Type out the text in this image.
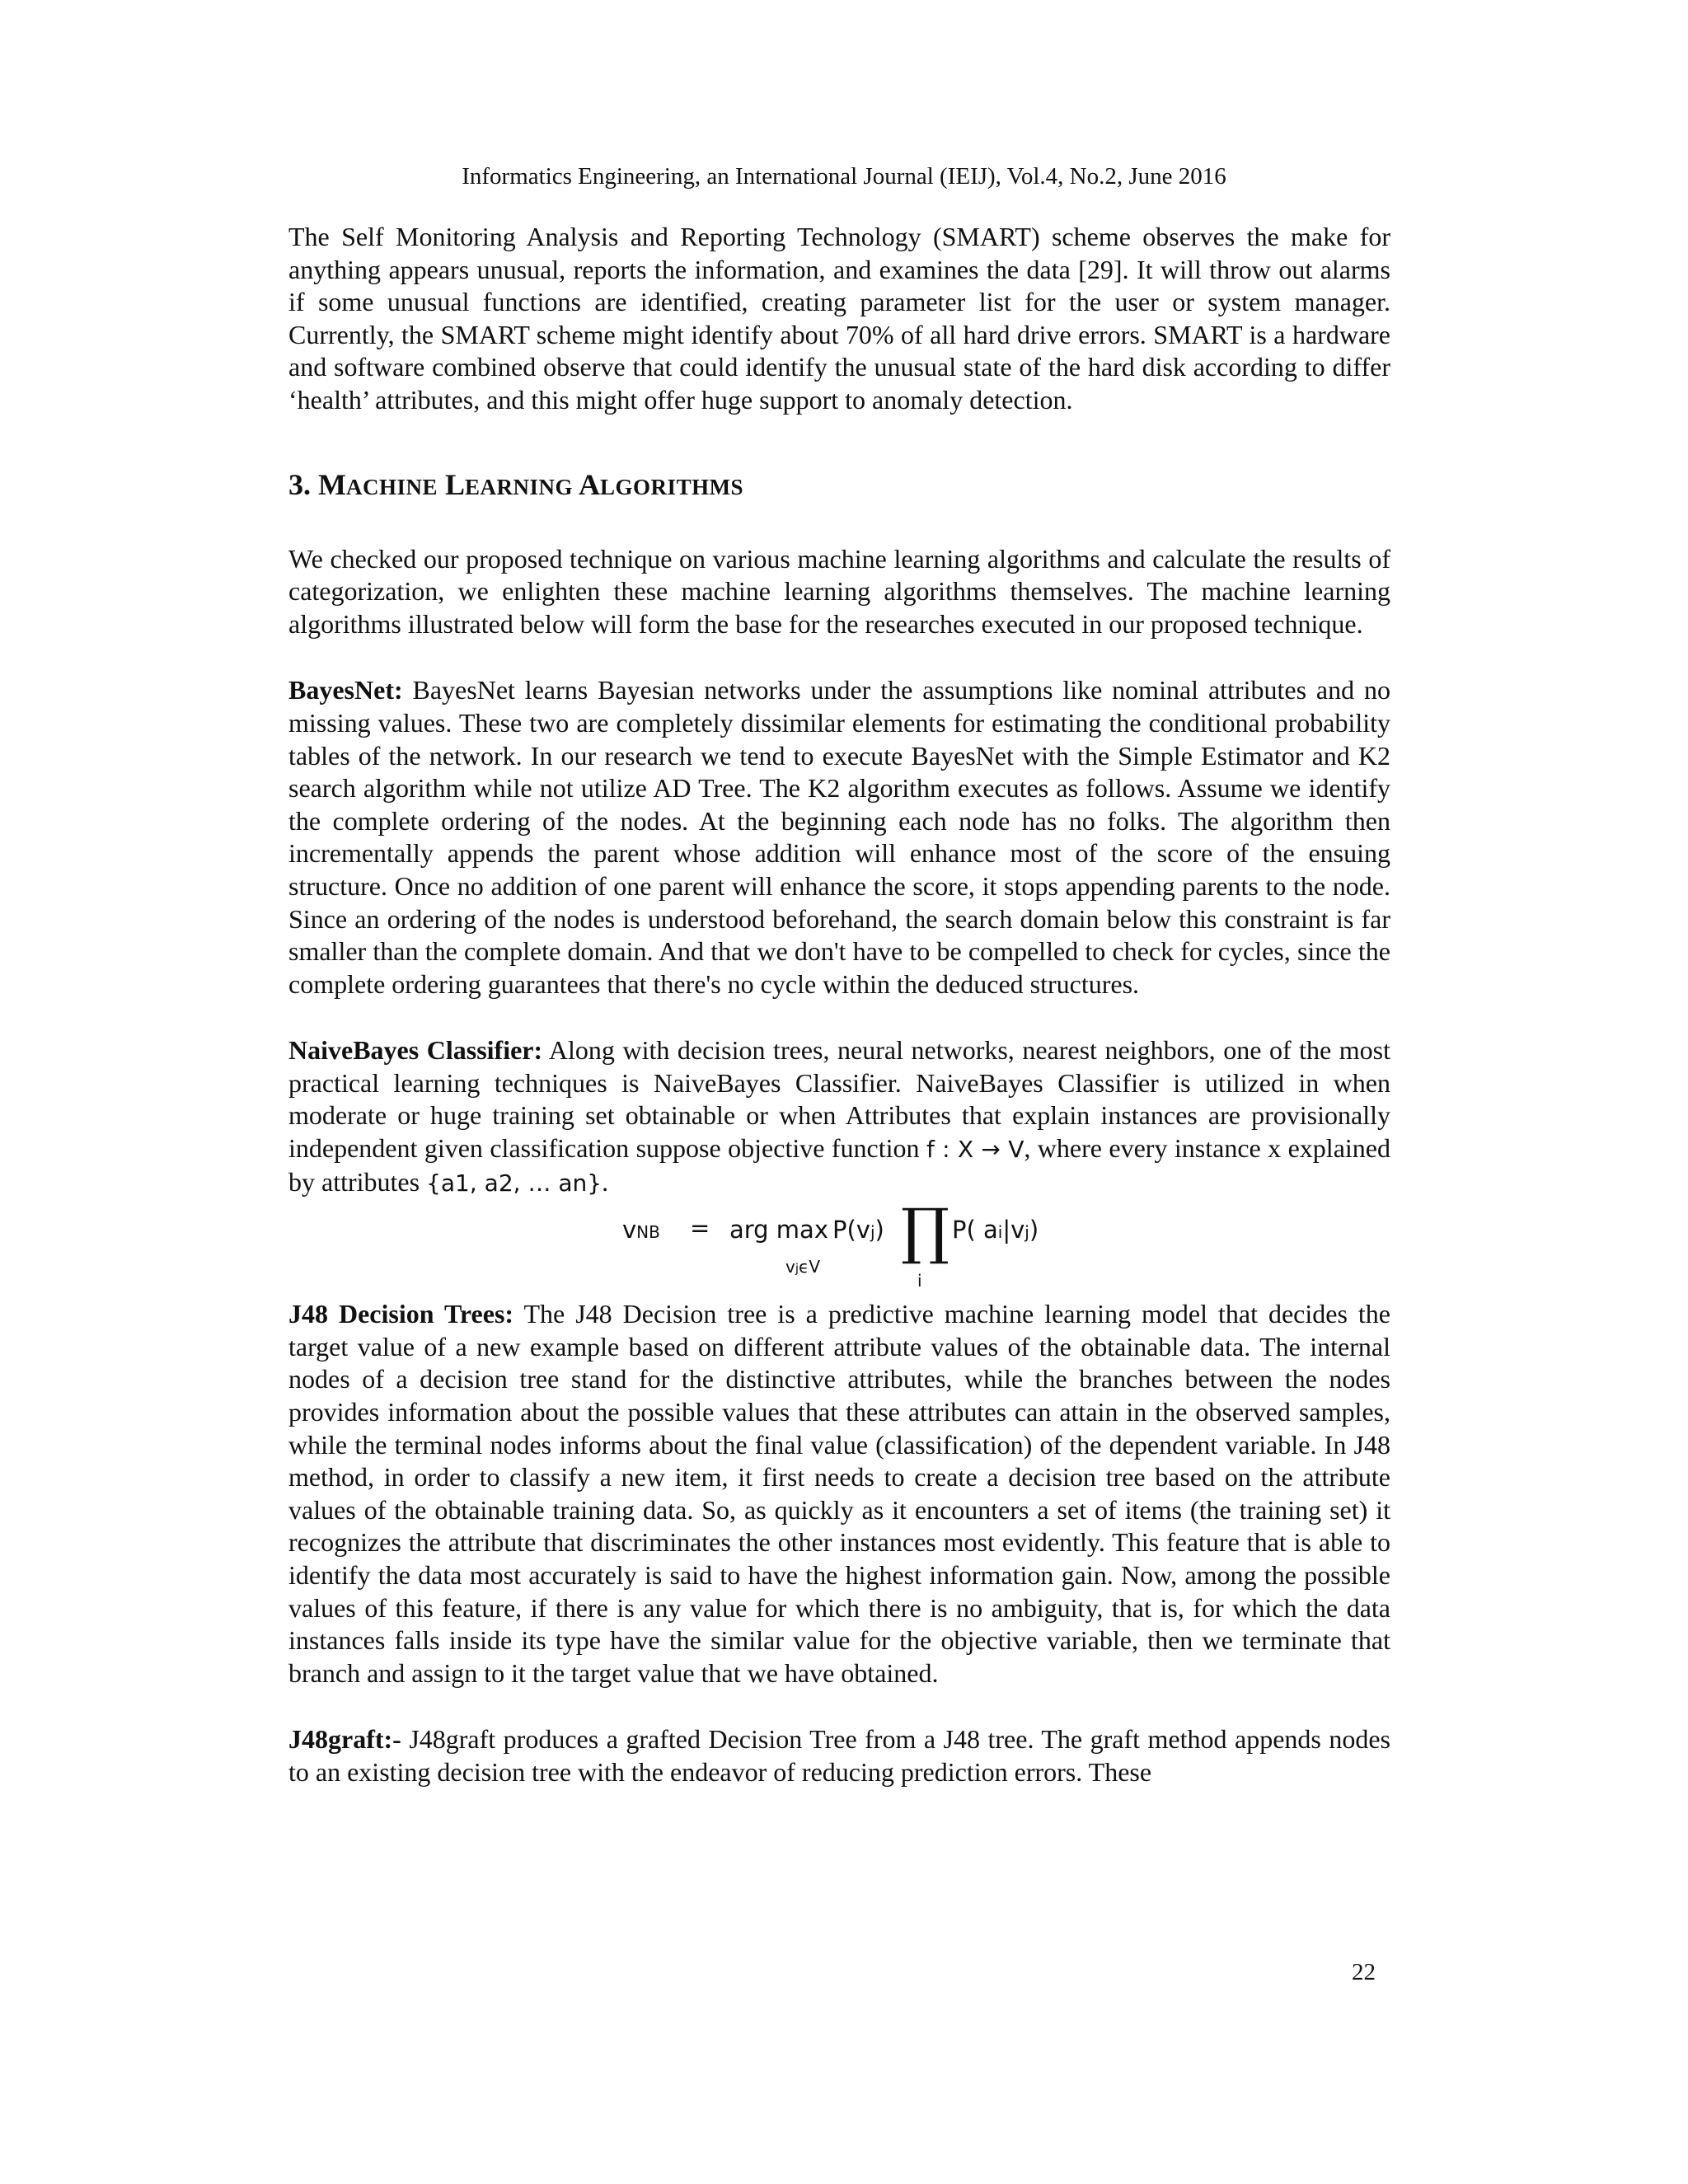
Informatics Engineering, an International Journal (IEIJ), Vol.4, No.2, June 2016

The Self Monitoring Analysis and Reporting Technology (SMART) scheme observes the make for anything appears unusual, reports the information, and examines the data [29]. It will throw out alarms if some unusual functions are identified, creating parameter list for the user or system manager. Currently, the SMART scheme might identify about 70% of all hard drive errors. SMART is a hardware and software combined observe that could identify the unusual state of the hard disk according to differ ‘health’ attributes, and this might offer huge support to anomaly detection.

3. MACHINE LEARNING ALGORITHMS

We checked our proposed technique on various machine learning algorithms and calculate the results of categorization, we enlighten these machine learning algorithms themselves. The machine learning algorithms illustrated below will form the base for the researches executed in our proposed technique.

BayesNet: BayesNet learns Bayesian networks under the assumptions like nominal attributes and no missing values. These two are completely dissimilar elements for estimating the conditional probability tables of the network. In our research we tend to execute BayesNet with the Simple Estimator and K2 search algorithm while not utilize AD Tree. The K2 algorithm executes as follows. Assume we identify the complete ordering of the nodes. At the beginning each node has no folks. The algorithm then incrementally appends the parent whose addition will enhance most of the score of the ensuing structure. Once no addition of one parent will enhance the score, it stops appending parents to the node. Since an ordering of the nodes is understood beforehand, the search domain below this constraint is far smaller than the complete domain. And that we don't have to be compelled to check for cycles, since the complete ordering guarantees that there's no cycle within the deduced structures.

NaiveBayes Classifier: Along with decision trees, neural networks, nearest neighbors, one of the most practical learning techniques is NaiveBayes Classifier. NaiveBayes Classifier is utilized in when moderate or huge training set obtainable or when Attributes that explain instances are provisionally independent given classification suppose objective function f : X → V, where every instance x explained by attributes {a1, a2, … an}.

vNB = arg max
vjϵV
P(vj) ∏
i
P( ai|vj)

J48 Decision Trees: The J48 Decision tree is a predictive machine learning model that decides the target value of a new example based on different attribute values of the obtainable data. The internal nodes of a decision tree stand for the distinctive attributes, while the branches between the nodes provides information about the possible values that these attributes can attain in the observed samples, while the terminal nodes informs about the final value (classification) of the dependent variable. In J48 method, in order to classify a new item, it first needs to create a decision tree based on the attribute values of the obtainable training data. So, as quickly as it encounters a set of items (the training set) it recognizes the attribute that discriminates the other instances most evidently. This feature that is able to identify the data most accurately is said to have the highest information gain. Now, among the possible values of this feature, if there is any value for which there is no ambiguity, that is, for which the data instances falls inside its type have the similar value for the objective variable, then we terminate that branch and assign to it the target value that we have obtained.

J48graft:- J48graft produces a grafted Decision Tree from a J48 tree. The graft method appends nodes to an existing decision tree with the endeavor of reducing prediction errors. These

22
